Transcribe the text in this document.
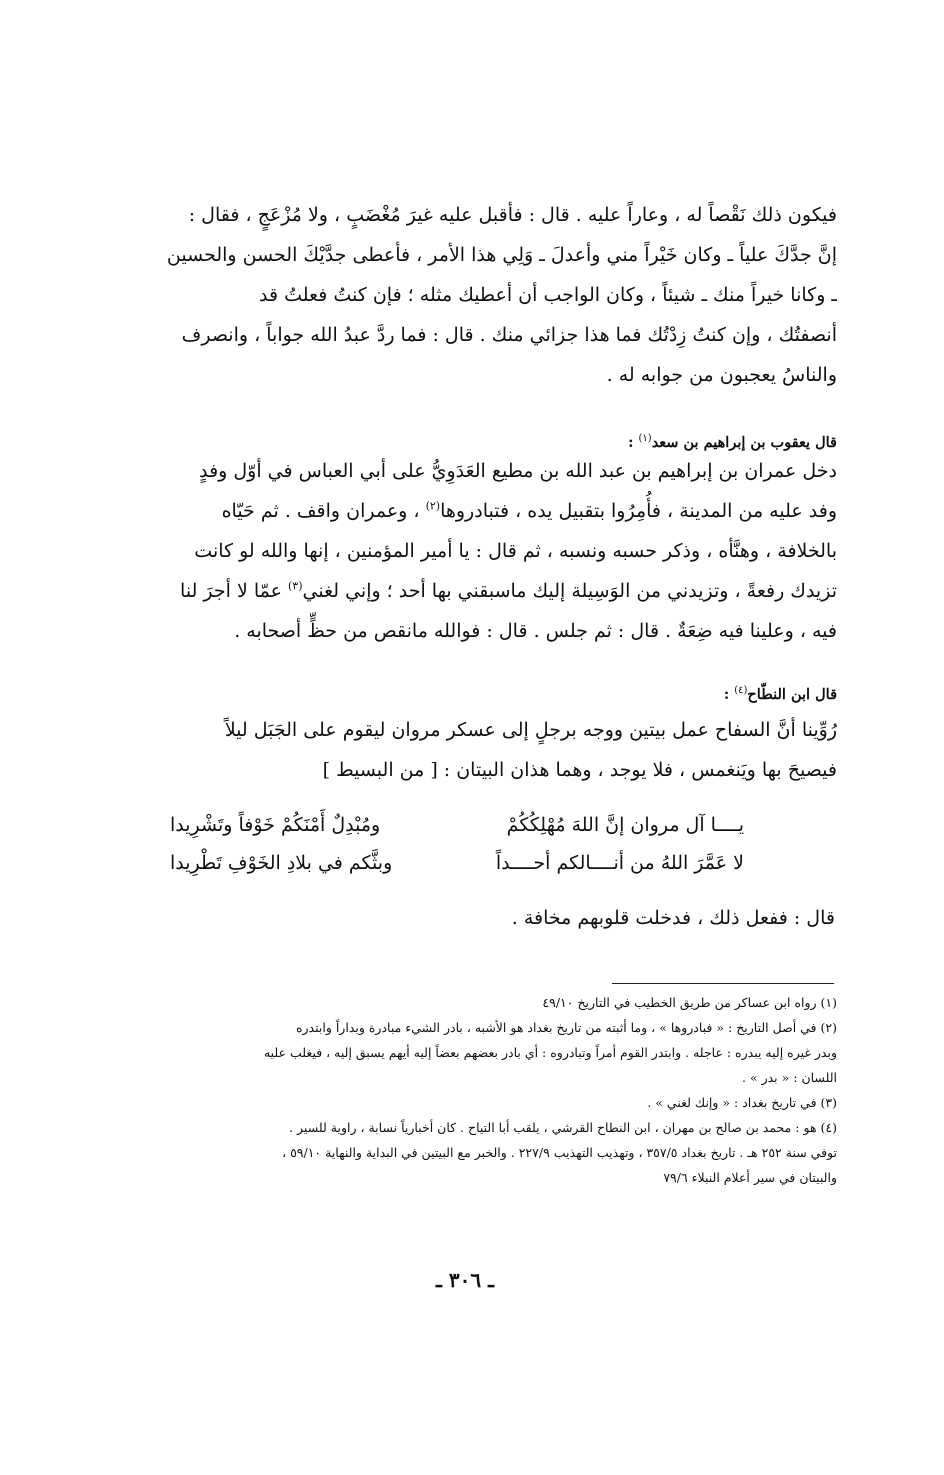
فيكون ذلك نَقْصاً له ، وعاراً عليه . قال : فأقبل عليه غيرَ مُغْضَبٍ ، ولا مُزْعَجٍ ، فقال :

إنَّ جدَّكَ علياً ـ وكان خَيْراً مني وأعدلَ ـ وَلِي هذا الأمر ، فأعطى جدَّيْكَ الحسن والحسين

ـ وكانا خيراً منك ـ شيئاً ، وكان الواجب أن أعطيك مثله ؛ فإن كنتُ فعلتُ قد

أنصفتُك ، وإن كنتُ زِدْتُك فما هذا جزائي منك . قال : فما ردَّ عبدُ الله جواباً ، وانصرف

والناسُ يعجبون من جوابه له .

قال يعقوب بن إبراهيم بن سعد$^{(١)}$ :

دخل عمران بن إبراهيم بن عبد الله بن مطيع العَدَوِيُّ على أبي العباس في أوّل وفدٍ

وفد عليه من المدينة ، فأُمِرُوا بتقبيل يده ، فتبادروها$^{(٢)}$ ، وعمران واقف . ثم حَيّاه

بالخلافة ، وهنَّأه ، وذكر حسبه ونسبه ، ثم قال : يا أمير المؤمنين ، إنها والله لو كانت

تزيدك رفعةً ، وتزيدني من الوَسِيلة إليك ماسبقني بها أحد ؛ وإني لغني$^{(٣)}$ عمّا لا أجرَ لنا

فيه ، وعلينا فيه ضِعَةٌ . قال : ثم جلس . قال : فوالله مانقص من حظٍّ أصحابه .

قال ابن النطّاح$^{(٤)}$ :

رُوِّينا أنَّ السفاح عمل بيتين ووجه برجلٍ إلى عسكر مروان ليقوم على الجَبَل ليلاً

فيصيحَ بها ويَنغمس ، فلا يوجد ، وهما هذان البيتان : [ من البسيط ]

يــــا آل مروان إنَّ اللهَ مُهْلِكُكُمْ
ومُبْدِلٌ أَمْنَكُمْ خَوْفاً وتَشْرِيدا
لا عَمَّرَ اللهُ من أنــــالكم أحــــداً
وبثَّكم في بلادِ الخَوْفِ تَطْرِيدا

قال : ففعل ذلك ، فدخلت قلوبهم مخافة .

(١) رواه ابن عساكر من طريق الخطيب في التاريخ ٤٩/١٠

(٢) في أصل التاريخ : « فبادروها » ، وما أثبته من تاريخ بغداد هو الأشبه ، بادر الشيء مبادرة وبداراً وابتدره

وبدر غيره إليه يبدره : عاجله . وابتدر القوم أمراً وتبادروه : أي بادر بعضهم بعضاً إليه أيهم يسبق إليه ، فيغلب عليه

اللسان : « بدر » .

(٣) في تاريخ بغداد : « وإنك لغني » .

(٤) هو : محمد بن صالح بن مهران ، ابن النطاح القرشي ، يلقب أبا التياح . كان أخبارياً نسابة ، راوية للسير .

توفي سنة ٢٥٢ هـ . تاريخ بغداد ٣٥٧/٥ ، وتهذيب التهذيب ٢٢٧/٩ . والخبر مع البيتين في البداية والنهاية ٥٩/١٠ ،

والبيتان في سير أعلام النبلاء ٧٩/٦

ـ ٣٠٦ ـ
